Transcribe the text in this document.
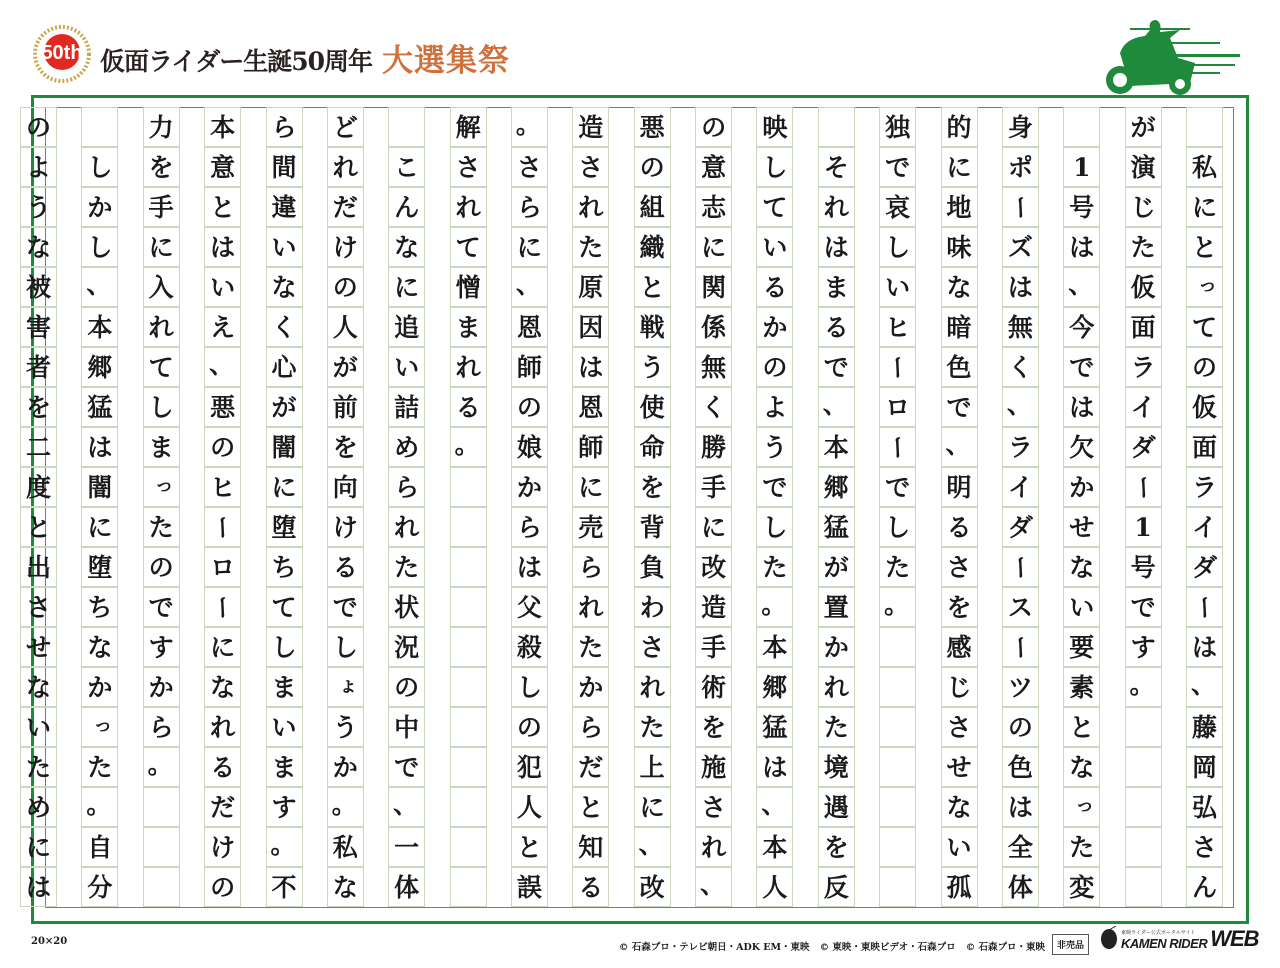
50th 仮面ライダー生誕50周年 大選集祭
私
に
と
っ
て
の
仮
面
ラ
イ
ダ
ー
は
、
藤
岡
弘
さ
ん
が
演
じ
た
仮
面
ラ
イ
ダ
ー
1
号
で
す
。
1
号
は
、
今
で
は
欠
か
せ
な
い
要
素
と
な
っ
た
変
身
ポ
ー
ズ
は
無
く
、
ラ
イ
ダ
ー
ス
ー
ツ
の
色
は
全
体
的
に
地
味
な
暗
色
で
、
明
る
さ
を
感
じ
さ
せ
な
い
孤
独
で
哀
し
い
ヒ
ー
ロ
ー
で
し
た
。
そ
れ
は
ま
る
で
、
本
郷
猛
が
置
か
れ
た
境
遇
を
反
映
し
て
い
る
か
の
よ
う
で
し
た
。
本
郷
猛
は
、
本
人
の
意
志
に
関
係
無
く
勝
手
に
改
造
手
術
を
施
さ
れ
、
悪
の
組
織
と
戦
う
使
命
を
背
負
わ
さ
れ
た
上
に
、
改
造
さ
れ
た
原
因
は
恩
師
に
売
ら
れ
た
か
ら
だ
と
知
る
。
さ
ら
に
、
恩
師
の
娘
か
ら
は
父
殺
し
の
犯
人
と
誤
解
さ
れ
て
憎
ま
れ
る
。
こ
ん
な
に
追
い
詰
め
ら
れ
た
状
況
の
中
で
、
一
体
ど
れ
だ
け
の
人
が
前
を
向
け
る
で
し
ょ
う
か
。
私
な
ら
間
違
い
な
く
心
が
闇
に
堕
ち
て
し
ま
い
ま
す
。
不
本
意
と
は
い
え
、
悪
の
ヒ
ー
ロ
ー
に
な
れ
る
だ
け
の
力
を
手
に
入
れ
て
し
ま
っ
た
の
で
す
か
ら
。
し
か
し
、
本
郷
猛
は
闇
に
堕
ち
な
か
っ
た
。
自
分
の
よ
う
な
被
害
者
を
二
度
と
出
さ
せ
な
い
た
め
に
は
20×20
© 石森プロ・テレビ朝日・ADK EM・東映 © 東映・東映ビデオ・石森プロ © 石森プロ・東映	非売品
東映ライダー公式ポータルサイト
KAMEN RIDER WEB
